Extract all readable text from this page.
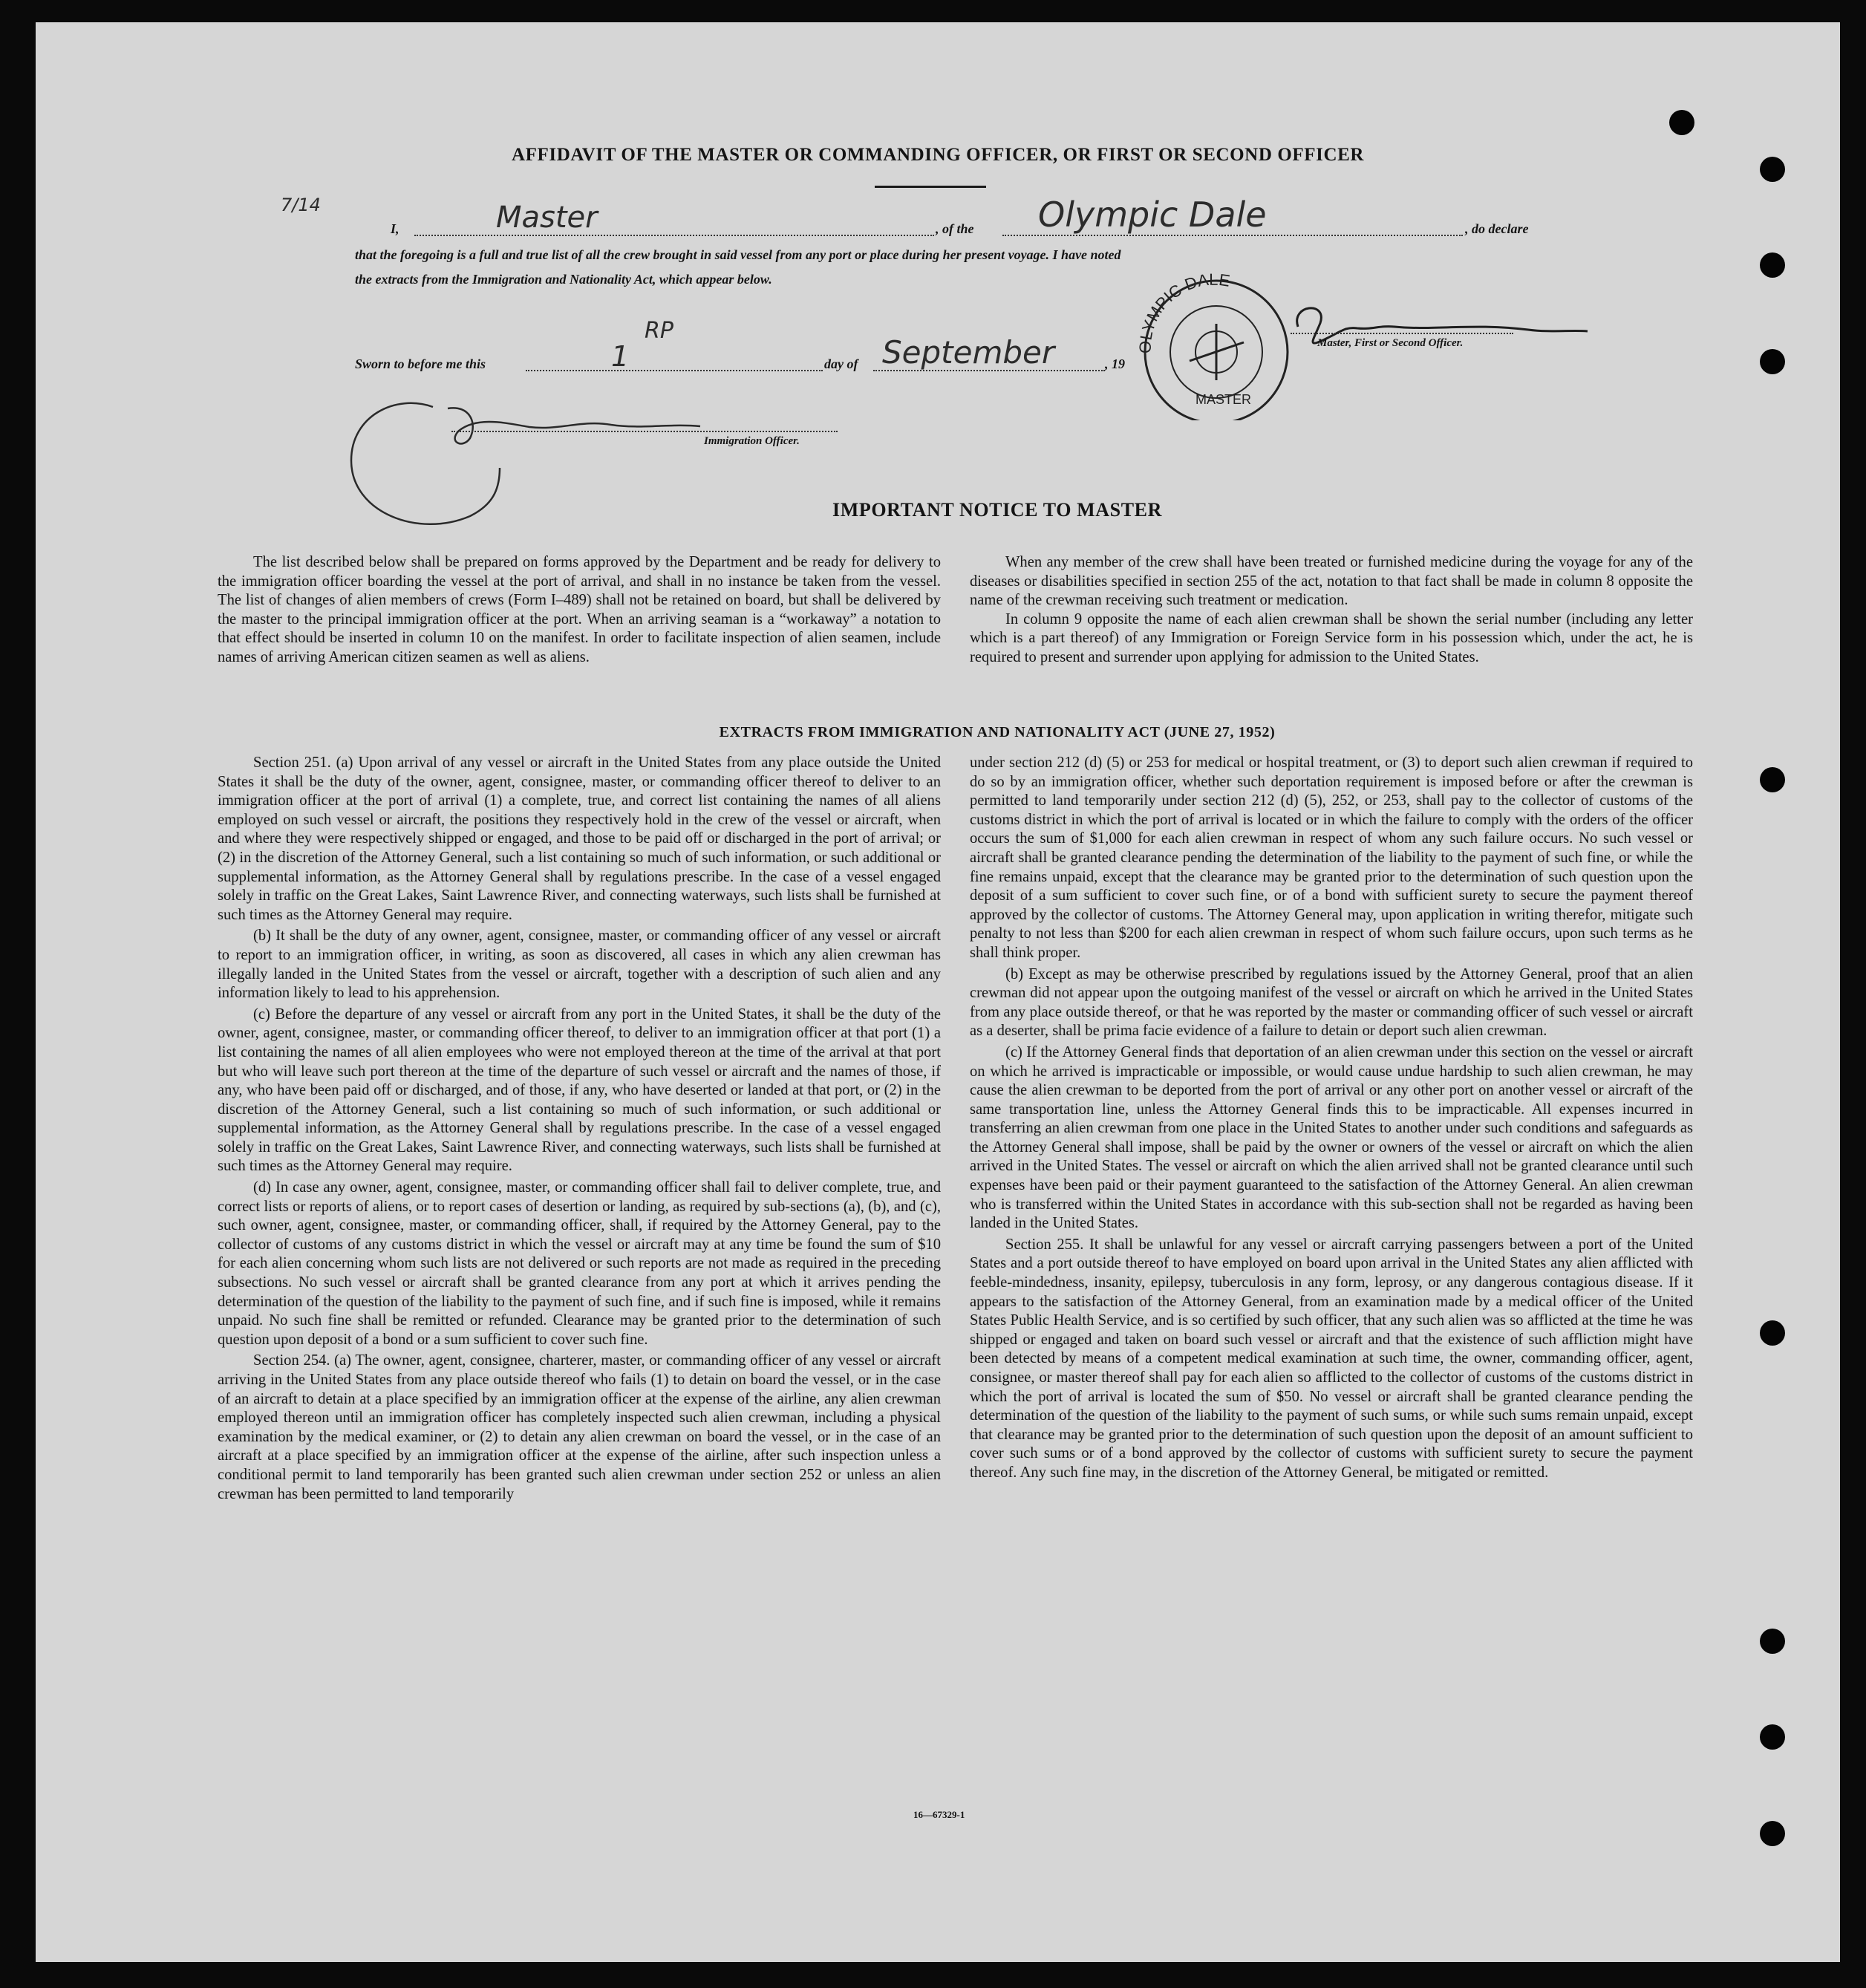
AFFIDAVIT OF THE MASTER OR COMMANDING OFFICER, OR FIRST OR SECOND OFFICER
7/14
I,	Master	, of the Olympic Dale	, do declare
that the foregoing is a full and true list of all the crew brought in said vessel from any port or place during her present voyage. I have noted
the extracts from the Immigration and Nationality Act, which appear below.
OLYMPIC DALE
MASTER
Master, First or Second Officer.
RP
Sworn to before me this	1	day of September	, 19
Immigration Officer.
IMPORTANT NOTICE TO MASTER

The list described below shall be prepared on forms approved by the Department and be ready for delivery to the immigration officer boarding the vessel at the port of arrival, and shall in no instance be taken from the vessel. The list of changes of alien members of crews (Form I–489) shall not be retained on board, but shall be delivered by the master to the principal immigration officer at the port. When an arriving seaman is a “workaway” a notation to that effect should be inserted in column 10 on the manifest. In order to facilitate inspection of alien seamen, include names of arriving American citizen seamen as well as aliens.

When any member of the crew shall have been treated or furnished medicine during the voyage for any of the diseases or disabilities specified in section 255 of the act, notation to that fact shall be made in column 8 opposite the name of the crewman receiving such treatment or medication.

In column 9 opposite the name of each alien crewman shall be shown the serial number (including any letter which is a part thereof) of any Immigration or Foreign Service form in his possession which, under the act, he is required to present and surrender upon applying for admission to the United States.

EXTRACTS FROM IMMIGRATION AND NATIONALITY ACT (JUNE 27, 1952)

Section 251. (a) Upon arrival of any vessel or aircraft in the United States from any place outside the United States it shall be the duty of the owner, agent, consignee, master, or commanding officer thereof to deliver to an immigration officer at the port of arrival (1) a complete, true, and correct list containing the names of all aliens employed on such vessel or aircraft, the positions they respectively hold in the crew of the vessel or aircraft, when and where they were respectively shipped or engaged, and those to be paid off or discharged in the port of arrival; or (2) in the discretion of the Attorney General, such a list containing so much of such information, or such additional or supplemental information, as the Attorney General shall by regulations prescribe. In the case of a vessel engaged solely in traffic on the Great Lakes, Saint Lawrence River, and connecting waterways, such lists shall be furnished at such times as the Attorney General may require.

(b) It shall be the duty of any owner, agent, consignee, master, or commanding officer of any vessel or aircraft to report to an immigration officer, in writing, as soon as discovered, all cases in which any alien crewman has illegally landed in the United States from the vessel or aircraft, together with a description of such alien and any information likely to lead to his apprehension.

(c) Before the departure of any vessel or aircraft from any port in the United States, it shall be the duty of the owner, agent, consignee, master, or commanding officer thereof, to deliver to an immigration officer at that port (1) a list containing the names of all alien employees who were not employed thereon at the time of the arrival at that port but who will leave such port thereon at the time of the departure of such vessel or aircraft and the names of those, if any, who have been paid off or discharged, and of those, if any, who have deserted or landed at that port, or (2) in the discretion of the Attorney General, such a list containing so much of such information, or such additional or supplemental information, as the Attorney General shall by regulations prescribe. In the case of a vessel engaged solely in traffic on the Great Lakes, Saint Lawrence River, and connecting waterways, such lists shall be furnished at such times as the Attorney General may require.

(d) In case any owner, agent, consignee, master, or commanding officer shall fail to deliver complete, true, and correct lists or reports of aliens, or to report cases of desertion or landing, as required by sub-sections (a), (b), and (c), such owner, agent, consignee, master, or commanding officer, shall, if required by the Attorney General, pay to the collector of customs of any customs district in which the vessel or aircraft may at any time be found the sum of $10 for each alien concerning whom such lists are not delivered or such reports are not made as required in the preceding subsections. No such vessel or aircraft shall be granted clearance from any port at which it arrives pending the determination of the question of the liability to the payment of such fine, and if such fine is imposed, while it remains unpaid. No such fine shall be remitted or refunded. Clearance may be granted prior to the determination of such question upon deposit of a bond or a sum sufficient to cover such fine.

Section 254. (a) The owner, agent, consignee, charterer, master, or commanding officer of any vessel or aircraft arriving in the United States from any place outside thereof who fails (1) to detain on board the vessel, or in the case of an aircraft to detain at a place specified by an immigration officer at the expense of the airline, any alien crewman employed thereon until an immigration officer has completely inspected such alien crewman, including a physical examination by the medical examiner, or (2) to detain any alien crewman on board the vessel, or in the case of an aircraft at a place specified by an immigration officer at the expense of the airline, after such inspection unless a conditional permit to land temporarily has been granted such alien crewman under section 252 or unless an alien crewman has been permitted to land temporarily

under section 212 (d) (5) or 253 for medical or hospital treatment, or (3) to deport such alien crewman if required to do so by an immigration officer, whether such deportation requirement is imposed before or after the crewman is permitted to land temporarily under section 212 (d) (5), 252, or 253, shall pay to the collector of customs of the customs district in which the port of arrival is located or in which the failure to comply with the orders of the officer occurs the sum of $1,000 for each alien crewman in respect of whom any such failure occurs. No such vessel or aircraft shall be granted clearance pending the determination of the liability to the payment of such fine, or while the fine remains unpaid, except that the clearance may be granted prior to the determination of such question upon the deposit of a sum sufficient to cover such fine, or of a bond with sufficient surety to secure the payment thereof approved by the collector of customs. The Attorney General may, upon application in writing therefor, mitigate such penalty to not less than $200 for each alien crewman in respect of whom such failure occurs, upon such terms as he shall think proper.

(b) Except as may be otherwise prescribed by regulations issued by the Attorney General, proof that an alien crewman did not appear upon the outgoing manifest of the vessel or aircraft on which he arrived in the United States from any place outside thereof, or that he was reported by the master or commanding officer of such vessel or aircraft as a deserter, shall be prima facie evidence of a failure to detain or deport such alien crewman.

(c) If the Attorney General finds that deportation of an alien crewman under this section on the vessel or aircraft on which he arrived is impracticable or impossible, or would cause undue hardship to such alien crewman, he may cause the alien crewman to be deported from the port of arrival or any other port on another vessel or aircraft of the same transportation line, unless the Attorney General finds this to be impracticable. All expenses incurred in transferring an alien crewman from one place in the United States to another under such conditions and safeguards as the Attorney General shall impose, shall be paid by the owner or owners of the vessel or aircraft on which the alien arrived in the United States. The vessel or aircraft on which the alien arrived shall not be granted clearance until such expenses have been paid or their payment guaranteed to the satisfaction of the Attorney General. An alien crewman who is transferred within the United States in accordance with this sub-section shall not be regarded as having been landed in the United States.

Section 255. It shall be unlawful for any vessel or aircraft carrying passengers between a port of the United States and a port outside thereof to have employed on board upon arrival in the United States any alien afflicted with feeble-mindedness, insanity, epilepsy, tuberculosis in any form, leprosy, or any dangerous contagious disease. If it appears to the satisfaction of the Attorney General, from an examination made by a medical officer of the United States Public Health Service, and is so certified by such officer, that any such alien was so afflicted at the time he was shipped or engaged and taken on board such vessel or aircraft and that the existence of such affliction might have been detected by means of a competent medical examination at such time, the owner, commanding officer, agent, consignee, or master thereof shall pay for each alien so afflicted to the collector of customs of the customs district in which the port of arrival is located the sum of $50. No vessel or aircraft shall be granted clearance pending the determination of the question of the liability to the payment of such sums, or while such sums remain unpaid, except that clearance may be granted prior to the determination of such question upon the deposit of an amount sufficient to cover such sums or of a bond approved by the collector of customs with sufficient surety to secure the payment thereof. Any such fine may, in the discretion of the Attorney General, be mitigated or remitted.

16—67329-1
